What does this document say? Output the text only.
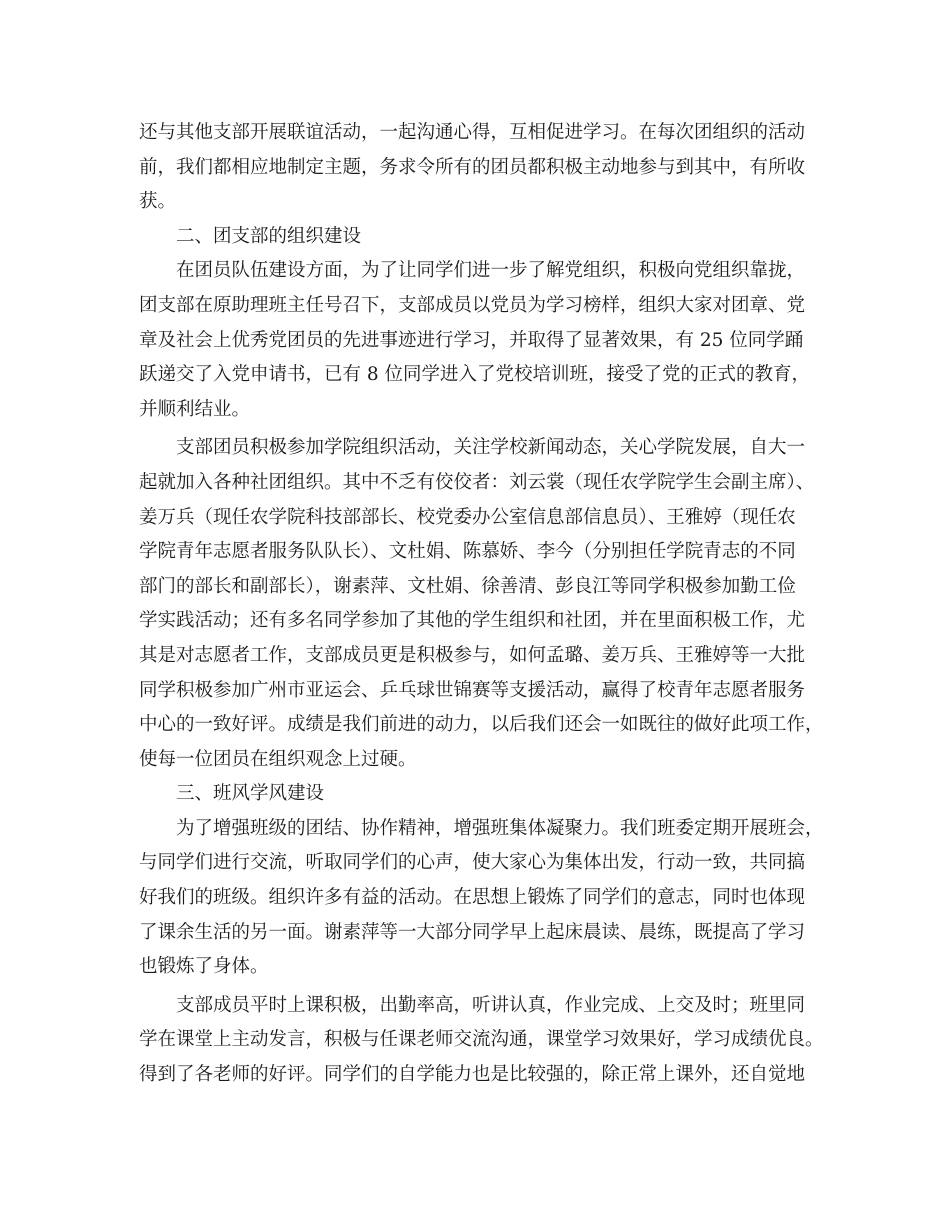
还与其他支部开展联谊活动，一起沟通心得，互相促进学习。在每次团组织的活动
前，我们都相应地制定主题，务求令所有的团员都积极主动地参与到其中，有所收
获。
二、团支部的组织建设
在团员队伍建设方面，为了让同学们进一步了解党组织，积极向党组织靠拢，
团支部在原助理班主任号召下，支部成员以党员为学习榜样，组织大家对团章、党
章及社会上优秀党团员的先进事迹进行学习，并取得了显著效果，有 25 位同学踊
跃递交了入党申请书，已有 8 位同学进入了党校培训班，接受了党的正式的教育，
并顺利结业。
支部团员积极参加学院组织活动，关注学校新闻动态，关心学院发展，自大一
起就加入各种社团组织。其中不乏有佼佼者：刘云裳（现任农学院学生会副主席）、
姜万兵（现任农学院科技部部长、校党委办公室信息部信息员）、王雅婷（现任农
学院青年志愿者服务队队长）、文杜娟、陈慕娇、李今（分别担任学院青志的不同
部门的部长和副部长），谢素萍、文杜娟、徐善清、彭良江等同学积极参加勤工俭
学实践活动；还有多名同学参加了其他的学生组织和社团，并在里面积极工作，尤
其是对志愿者工作，支部成员更是积极参与，如何孟璐、姜万兵、王雅婷等一大批
同学积极参加广州市亚运会、乒乓球世锦赛等支援活动，赢得了校青年志愿者服务
中心的一致好评。成绩是我们前进的动力，以后我们还会一如既往的做好此项工作，
使每一位团员在组织观念上过硬。
三、班风学风建设
为了增强班级的团结、协作精神，增强班集体凝聚力。我们班委定期开展班会，
与同学们进行交流，听取同学们的心声，使大家心为集体出发，行动一致，共同搞
好我们的班级。组织许多有益的活动。在思想上锻炼了同学们的意志，同时也体现
了课余生活的另一面。谢素萍等一大部分同学早上起床晨读、晨练，既提高了学习
也锻炼了身体。
支部成员平时上课积极，出勤率高，听讲认真，作业完成、上交及时；班里同
学在课堂上主动发言，积极与任课老师交流沟通，课堂学习效果好，学习成绩优良。
得到了各老师的好评。同学们的自学能力也是比较强的，除正常上课外，还自觉地
